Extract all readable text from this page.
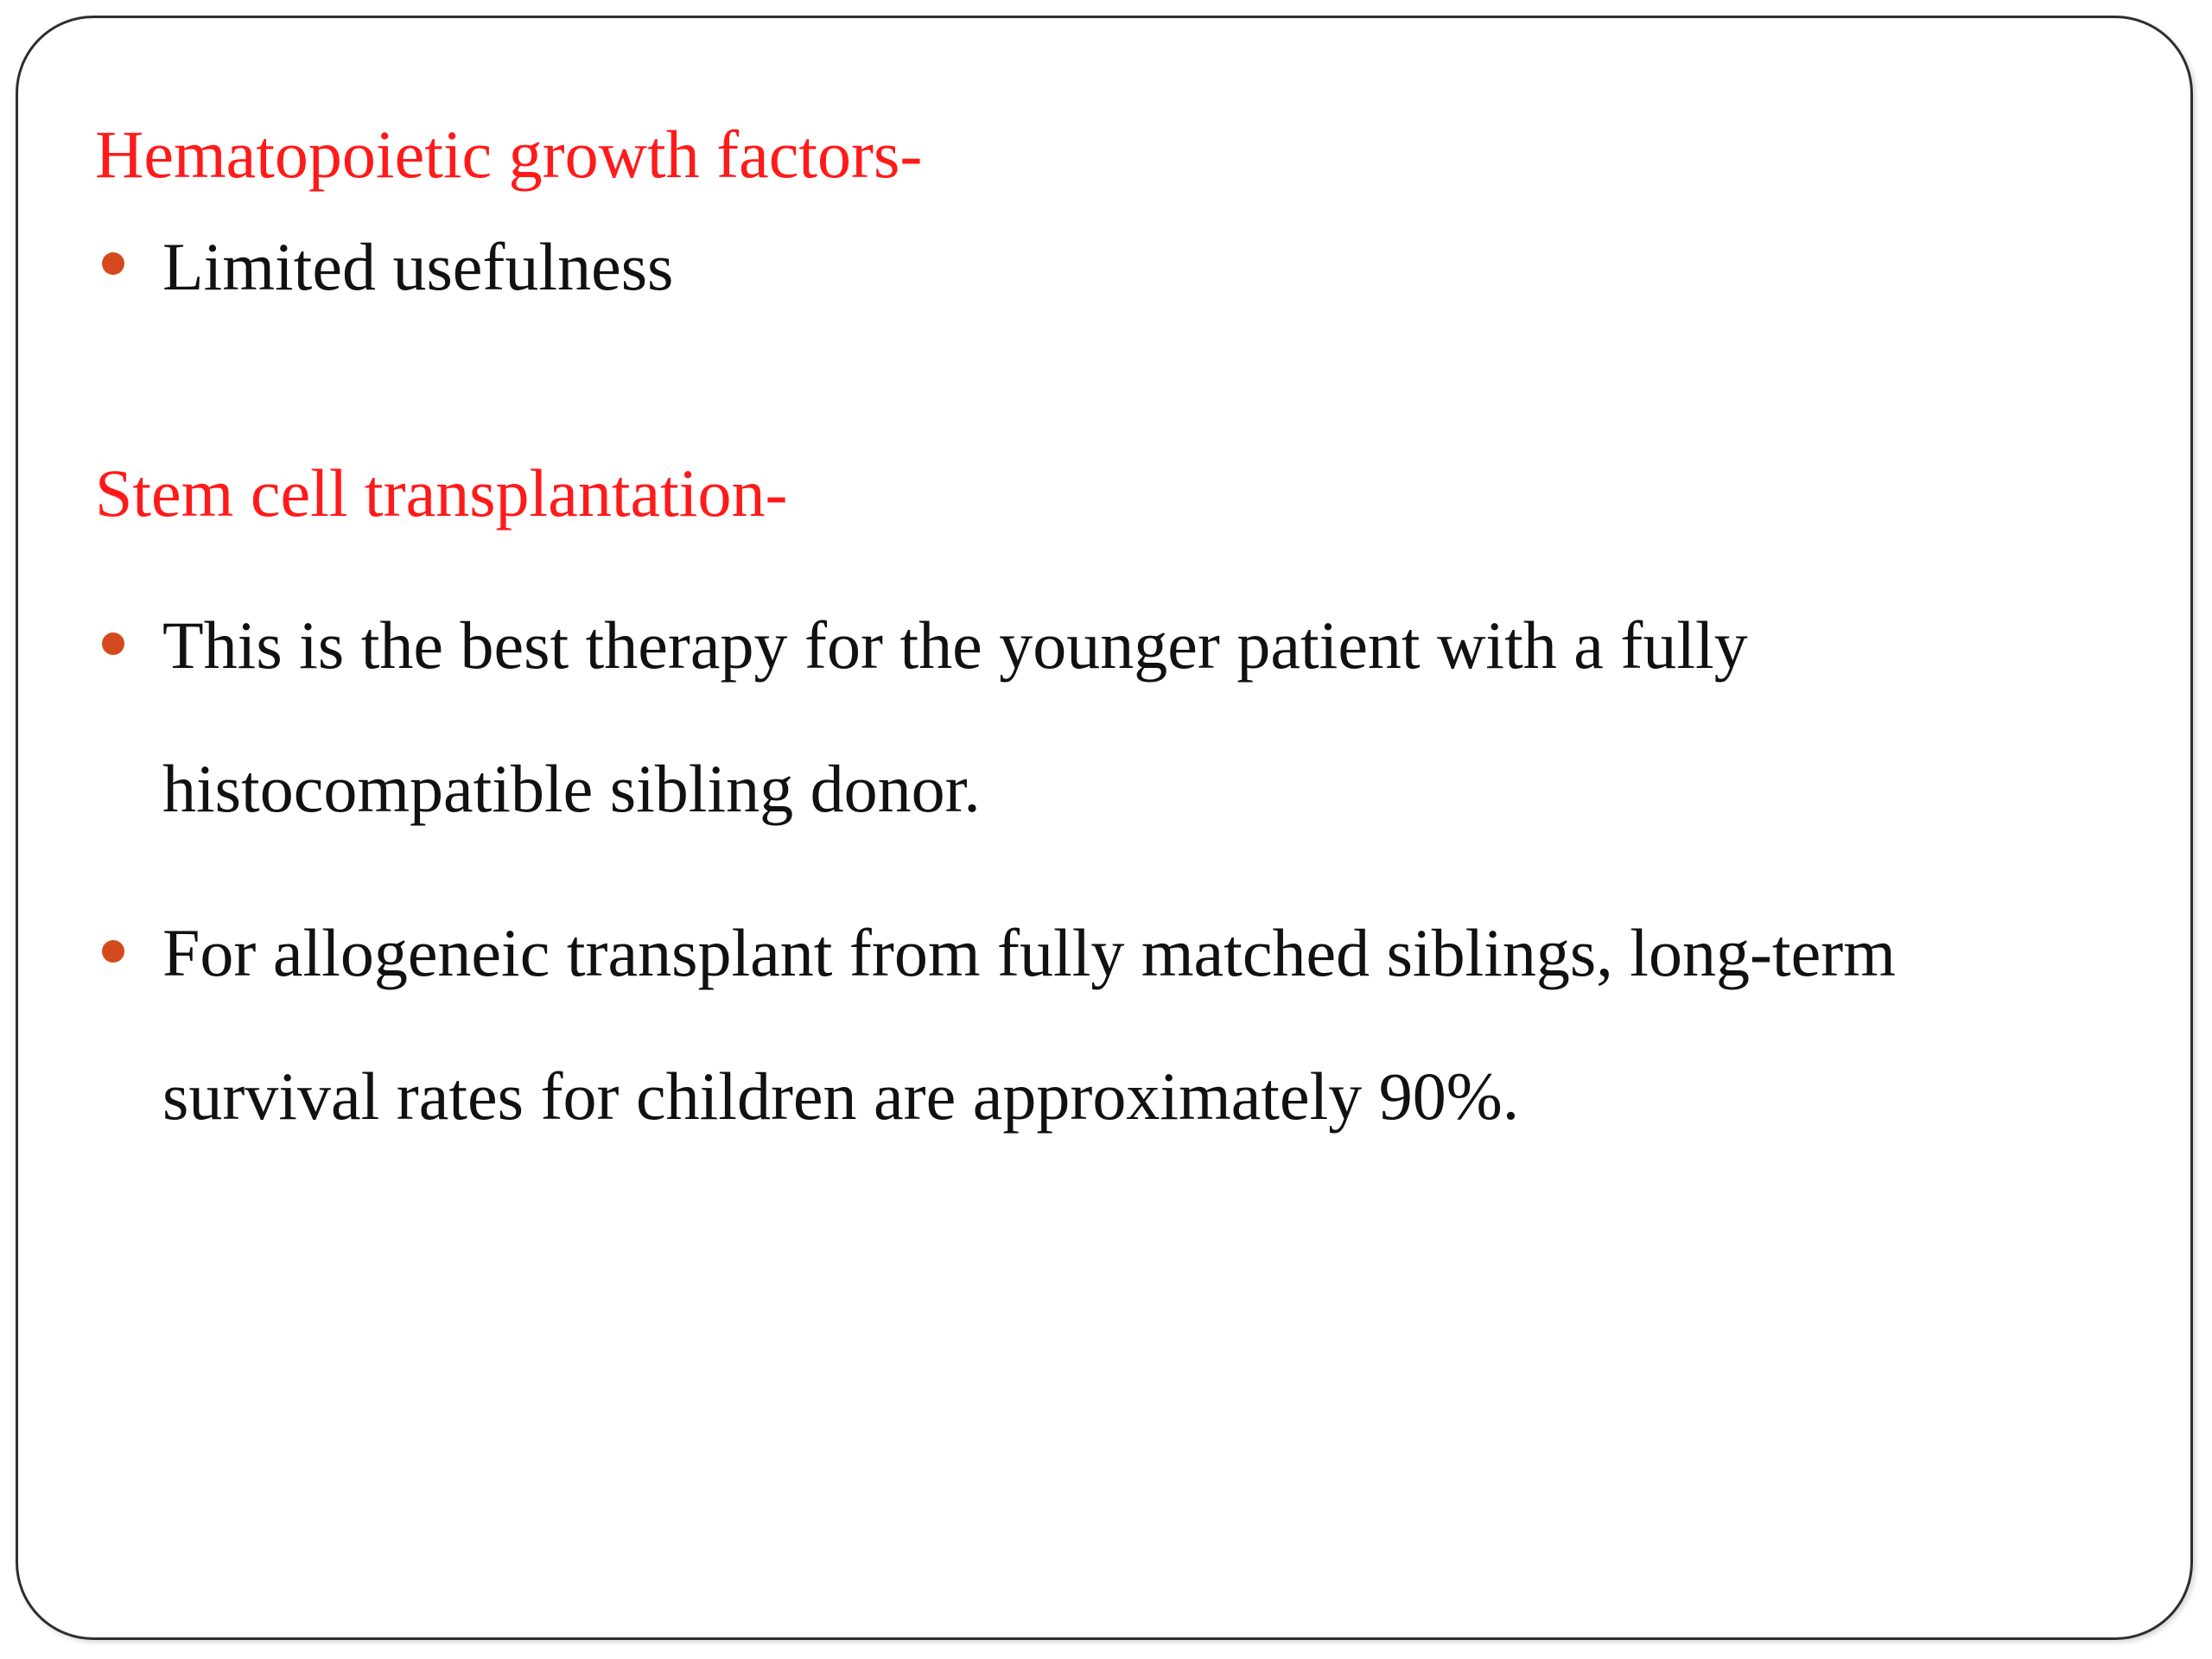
Hematopoietic growth factors-
Limited usefulness
Stem cell transplantation-
This is the best therapy for the younger patient with a fully histocompatible sibling donor.
For allogeneic transplant from fully matched siblings, long-term survival rates for children are approximately 90%.
